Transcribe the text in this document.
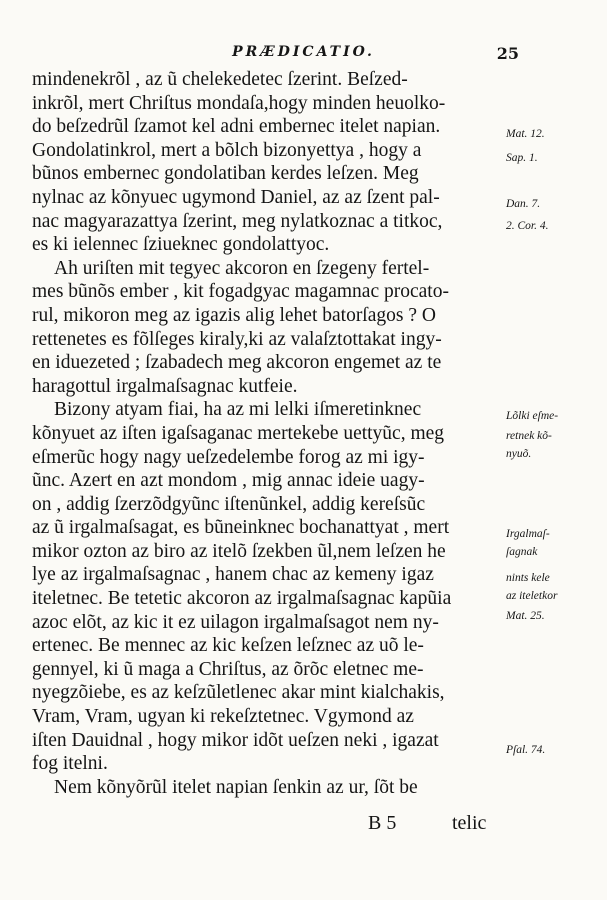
PRÆDICATIO.	25
mindenekrõl , az ũ chelekedetec ſzerint. Beſzed-
inkrõl, mert Chriſtus mondaſa,hogy minden heuolko-
do beſzedrũl ſzamot kel adni embernec itelet napian.
Gondolatinkrol, mert a bõlch bizonyettya , hogy a
bũnos embernec gondolatiban kerdes leſzen. Meg
nylnac az kõnyuec ugymond Daniel, az az ſzent pal-
nac magyarazattya ſzerint, meg nylatkoznac a titkoc,
es ki ielennec ſziueknec gondolattyoc.
Ah uriſten mit tegyec akcoron en ſzegeny fertel-
mes bũnõs ember , kit fogadgyac magamnac procato-
rul, mikoron meg az igazis alig lehet batorſagos ? O
rettenetes es fõlſeges kiraly,ki az valaſztottakat ingy-
en iduezeted ; ſzabadech meg akcoron engemet az te
haragottul irgalmaſsagnac kutfeie.
Bizony atyam fiai, ha az mi lelki iſmeretinknec
kõnyuet az iſten igaſsaganac mertekebe uettyũc, meg
eſmerũc hogy nagy ueſzedelembe forog az mi igy-
ũnc. Azert en azt mondom , mig annac ideie uagy-
on , addig ſzerzõdgyũnc iſtenũnkel, addig kereſsũc
az ũ irgalmaſsagat, es bũneinknec bochanattyat , mert
mikor ozton az biro az itelõ ſzekben ũl,nem leſzen he
lye az irgalmaſsagnac , hanem chac az kemeny igaz
iteletnec. Be tetetic akcoron az irgalmaſsagnac kapũia
azoc elõt, az kic it ez uilagon irgalmaſsagot nem ny-
ertenec. Be mennec az kic keſzen leſznec az uõ le-
gennyel, ki ũ maga a Chriſtus, az õrõc eletnec me-
nyegzõiebe, es az keſzũletlenec akar mint kialchakis,
Vram, Vram, ugyan ki rekeſztetnec. Vgymond az
iſten Dauidnal , hogy mikor idõt ueſzen neki , igazat
fog itelni.
Nem kõnyõrũl itelet napian ſenkin az ur, ſõt be
Mat. 12.
Sap. 1.
Dan. 7.
2. Cor. 4.
Lõlki eſme-
retnek kõ-
nyuõ.
Irgalmaſ-
ſagnak
nints kele
az iteletkor
Mat. 25.
Pſal. 74.
B 5	telic
